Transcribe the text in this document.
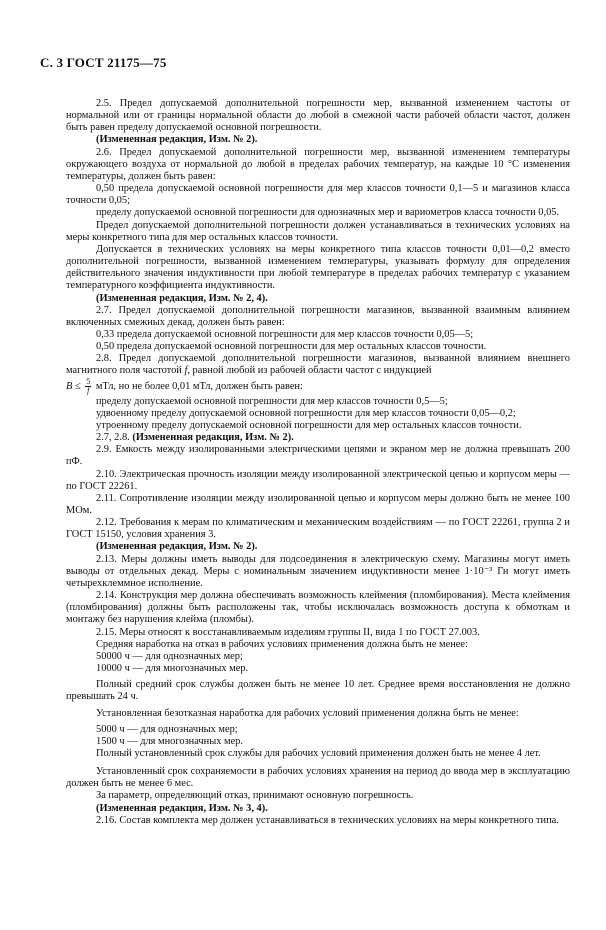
С. 3 ГОСТ 21175—75

2.5. Предел допускаемой дополнительной погрешности мер, вызванной изменением частоты от нормальной или от границы нормальной области до любой в смежной части рабочей области частот, должен быть равен пределу допускаемой основной погрешности.

(Измененная редакция, Изм. № 2).

2.6. Предел допускаемой дополнительной погрешности мер, вызванной изменением температуры окружающего воздуха от нормальной до любой в пределах рабочих температур, на каждые 10 °С изменения температуры, должен быть равен:

0,50 предела допускаемой основной погрешности для мер классов точности 0,1—5 и магазинов класса точности 0,05;

пределу допускаемой основной погрешности для однозначных мер и вариометров класса точности 0,05.

Предел допускаемой дополнительной погрешности должен устанавливаться в технических условиях на меры конкретного типа для мер остальных классов точности.

Допускается в технических условиях на меры конкретного типа классов точности 0,01—0,2 вместо дополнительной погрешности, вызванной изменением температуры, указывать формулу для определения действительного значения индуктивности при любой температуре в пределах рабочих температур с указанием температурного коэффициента индуктивности.

(Измененная редакция, Изм. № 2, 4).

2.7. Предел допускаемой дополнительной погрешности магазинов, вызванной взаимным влиянием включенных смежных декад, должен быть равен:

0,33 предела допускаемой основной погрешности для мер классов точности 0,05—5;

0,50 предела допускаемой основной погрешности для мер остальных классов точности.

2.8. Предел допускаемой дополнительной погрешности магазинов, вызванной влиянием внешнего магнитного поля частотой f, равной любой из рабочей области частот с индукцией

$B \le \frac{5}{f}$ мТл, но не более 0,01 мТл, должен быть равен:

пределу допускаемой основной погрешности для мер классов точности 0,5—5;

удвоенному пределу допускаемой основной погрешности для мер классов точности 0,05—0,2;

утроенному пределу допускаемой основной погрешности для мер остальных классов точности.

2.7, 2.8. (Измененная редакция, Изм. № 2).

2.9. Емкость между изолированными электрическими цепями и экраном мер не должна превышать 200 пФ.

2.10. Электрическая прочность изоляции между изолированной электрической цепью и корпусом меры — по ГОСТ 22261.

2.11. Сопротивление изоляции между изолированной цепью и корпусом меры должно быть не менее 100 МОм.

2.12. Требования к мерам по климатическим и механическим воздействиям — по ГОСТ 22261, группа 2 и ГОСТ 15150, условия хранения 3.

(Измененная редакция, Изм. № 2).

2.13. Меры должны иметь выводы для подсоединения в электрическую схему. Магазины могут иметь выводы от отдельных декад. Меры с номинальным значением индуктивности менее 1·10⁻³ Гн могут иметь четырехклеммное исполнение.

2.14. Конструкция мер должна обеспечивать возможность клеймения (пломбирования). Места клеймения (пломбирования) должны быть расположены так, чтобы исключалась возможность доступа к обмоткам и монтажу без нарушения клейма (пломбы).

2.15. Меры относят к восстанавливаемым изделиям группы II, вида 1 по ГОСТ 27.003.

Средняя наработка на отказ в рабочих условиях применения должна быть не менее:

50000 ч — для однозначных мер;

10000 ч — для многозначных мер.

Полный средний срок службы должен быть не менее 10 лет. Среднее время восстановления не должно превышать 24 ч.

Установленная безотказная наработка для рабочих условий применения должна быть не менее:

5000 ч — для однозначных мер;

1500 ч — для многозначных мер.

Полный установленный срок службы для рабочих условий применения должен быть не менее 4 лет.

Установленный срок сохраняемости в рабочих условиях хранения на период до ввода мер в эксплуатацию должен быть не менее 6 мес.

За параметр, определяющий отказ, принимают основную погрешность.

(Измененная редакция, Изм. № 3, 4).

2.16. Состав комплекта мер должен устанавливаться в технических условиях на меры конкретного типа.
